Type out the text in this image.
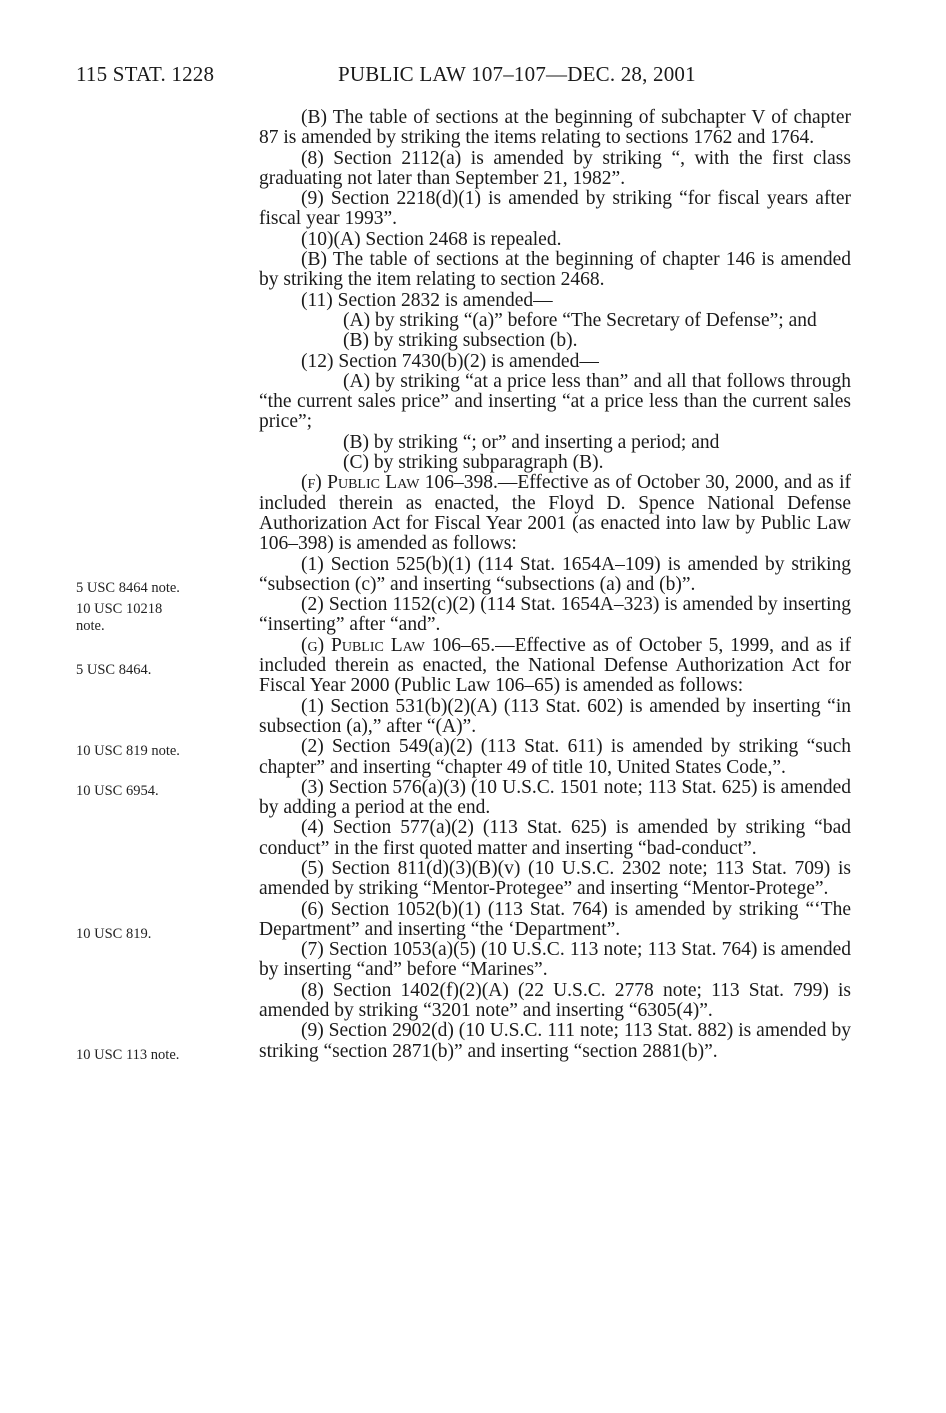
115 STAT. 1228	PUBLIC LAW 107–107—DEC. 28, 2001
5 USC 8464 note.
10 USC 10218 note.
5 USC 8464.
10 USC 819 note.
10 USC 6954.
10 USC 819.
10 USC 113 note.

(B) The table of sections at the beginning of subchapter V of chapter 87 is amended by striking the items relating to sections 1762 and 1764.

(8) Section 2112(a) is amended by striking “, with the first class graduating not later than September 21, 1982”.

(9) Section 2218(d)(1) is amended by striking “for fiscal years after fiscal year 1993”.

(10)(A) Section 2468 is repealed.

(B) The table of sections at the beginning of chapter 146 is amended by striking the item relating to section 2468.

(11) Section 2832 is amended—

(A) by striking “(a)” before “The Secretary of Defense”; and

(B) by striking subsection (b).

(12) Section 7430(b)(2) is amended—

(A) by striking “at a price less than” and all that follows through “the current sales price” and inserting “at a price less than the current sales price”;

(B) by striking “; or” and inserting a period; and

(C) by striking subparagraph (B).

(f) Public Law 106–398.—Effective as of October 30, 2000, and as if included therein as enacted, the Floyd D. Spence National Defense Authorization Act for Fiscal Year 2001 (as enacted into law by Public Law 106–398) is amended as follows:

(1) Section 525(b)(1) (114 Stat. 1654A–109) is amended by striking “subsection (c)” and inserting “subsections (a) and (b)”.

(2) Section 1152(c)(2) (114 Stat. 1654A–323) is amended by inserting “inserting” after “and”.

(g) Public Law 106–65.—Effective as of October 5, 1999, and as if included therein as enacted, the National Defense Authorization Act for Fiscal Year 2000 (Public Law 106–65) is amended as follows:

(1) Section 531(b)(2)(A) (113 Stat. 602) is amended by inserting “in subsection (a),” after “(A)”.

(2) Section 549(a)(2) (113 Stat. 611) is amended by striking “such chapter” and inserting “chapter 49 of title 10, United States Code,”.

(3) Section 576(a)(3) (10 U.S.C. 1501 note; 113 Stat. 625) is amended by adding a period at the end.

(4) Section 577(a)(2) (113 Stat. 625) is amended by striking “bad conduct” in the first quoted matter and inserting “bad-conduct”.

(5) Section 811(d)(3)(B)(v) (10 U.S.C. 2302 note; 113 Stat. 709) is amended by striking “Mentor-Protegee” and inserting “Mentor-Protege”.

(6) Section 1052(b)(1) (113 Stat. 764) is amended by striking “‘The Department” and inserting “the ‘Department”.

(7) Section 1053(a)(5) (10 U.S.C. 113 note; 113 Stat. 764) is amended by inserting “and” before “Marines”.

(8) Section 1402(f)(2)(A) (22 U.S.C. 2778 note; 113 Stat. 799) is amended by striking “3201 note” and inserting “6305(4)”.

(9) Section 2902(d) (10 U.S.C. 111 note; 113 Stat. 882) is amended by striking “section 2871(b)” and inserting “section 2881(b)”.
